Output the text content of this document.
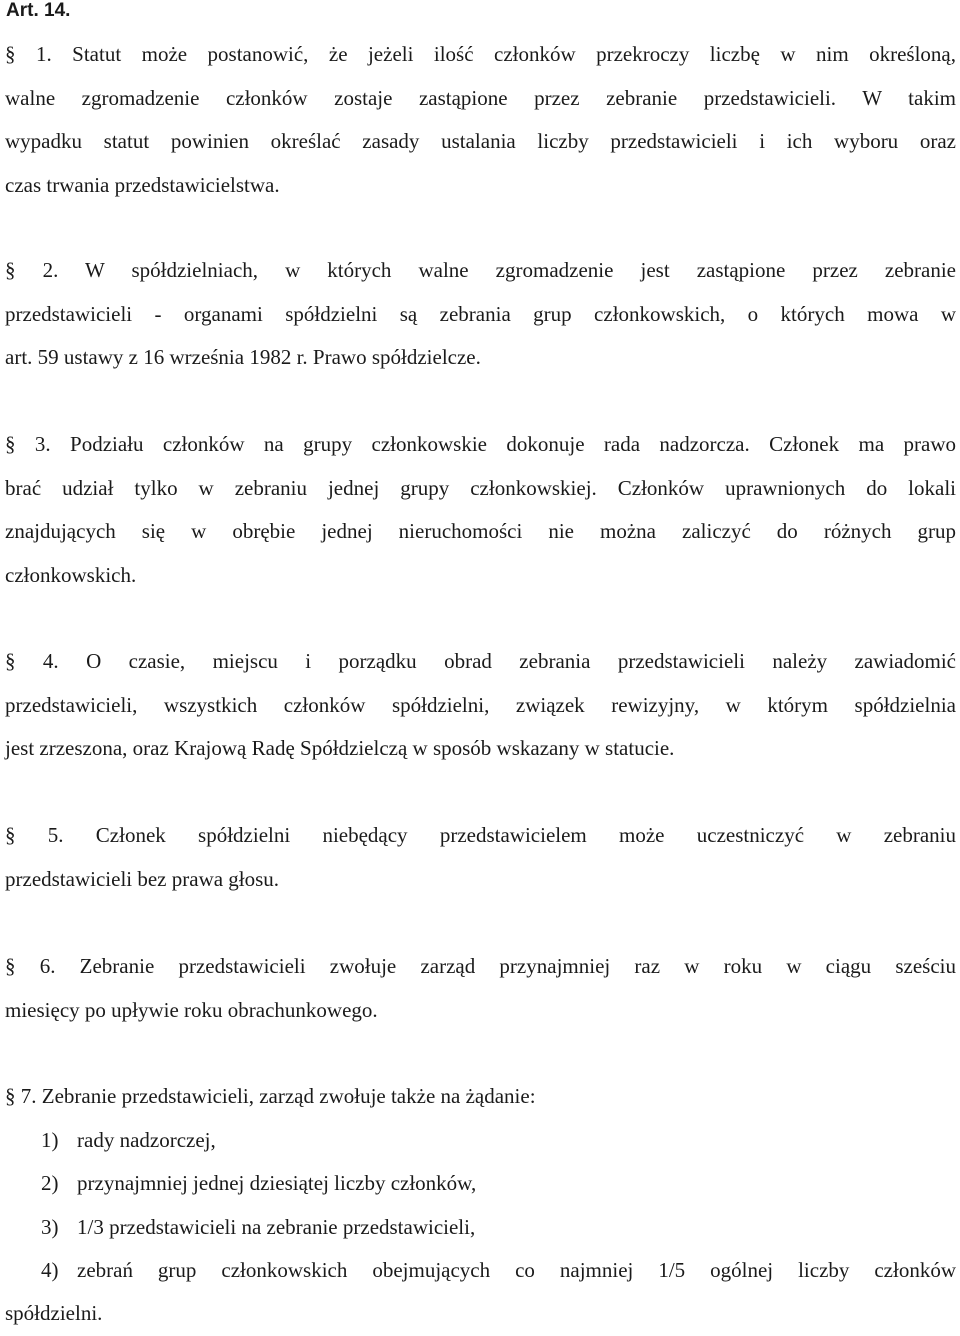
Art. 14.
§ 1. Statut może postanowić, że jeżeli ilość członków przekroczy liczbę w nim określoną,
walne zgromadzenie członków zostaje zastąpione przez zebranie przedstawicieli. W takim
wypadku statut powinien określać zasady ustalania liczby przedstawicieli i ich wyboru oraz
czas trwania przedstawicielstwa.
§ 2. W spółdzielniach, w których walne zgromadzenie jest zastąpione przez zebranie
przedstawicieli - organami spółdzielni są zebrania grup członkowskich, o których mowa w
art. 59 ustawy z 16 września 1982 r. Prawo spółdzielcze.
§ 3. Podziału członków na grupy członkowskie dokonuje rada nadzorcza. Członek ma prawo
brać udział tylko w zebraniu jednej grupy członkowskiej. Członków uprawnionych do lokali
znajdujących się w obrębie jednej nieruchomości nie można zaliczyć do różnych grup
członkowskich.
§ 4. O czasie, miejscu i porządku obrad zebrania przedstawicieli należy zawiadomić
przedstawicieli, wszystkich członków spółdzielni, związek rewizyjny, w którym spółdzielnia
jest zrzeszona, oraz Krajową Radę Spółdzielczą w sposób wskazany w statucie.
§ 5. Członek spółdzielni niebędący przedstawicielem może uczestniczyć w zebraniu
przedstawicieli bez prawa głosu.
§ 6. Zebranie przedstawicieli zwołuje zarząd przynajmniej raz w roku w ciągu sześciu
miesięcy po upływie roku obrachunkowego.
§ 7. Zebranie przedstawicieli, zarząd zwołuje także na żądanie:
1) rady nadzorczej,
2) przynajmniej jednej dziesiątej liczby członków,
3) 1/3 przedstawicieli na zebranie przedstawicieli,
4) zebrań grup członkowskich obejmujących co najmniej 1/5 ogólnej liczby członków
spółdzielni.
